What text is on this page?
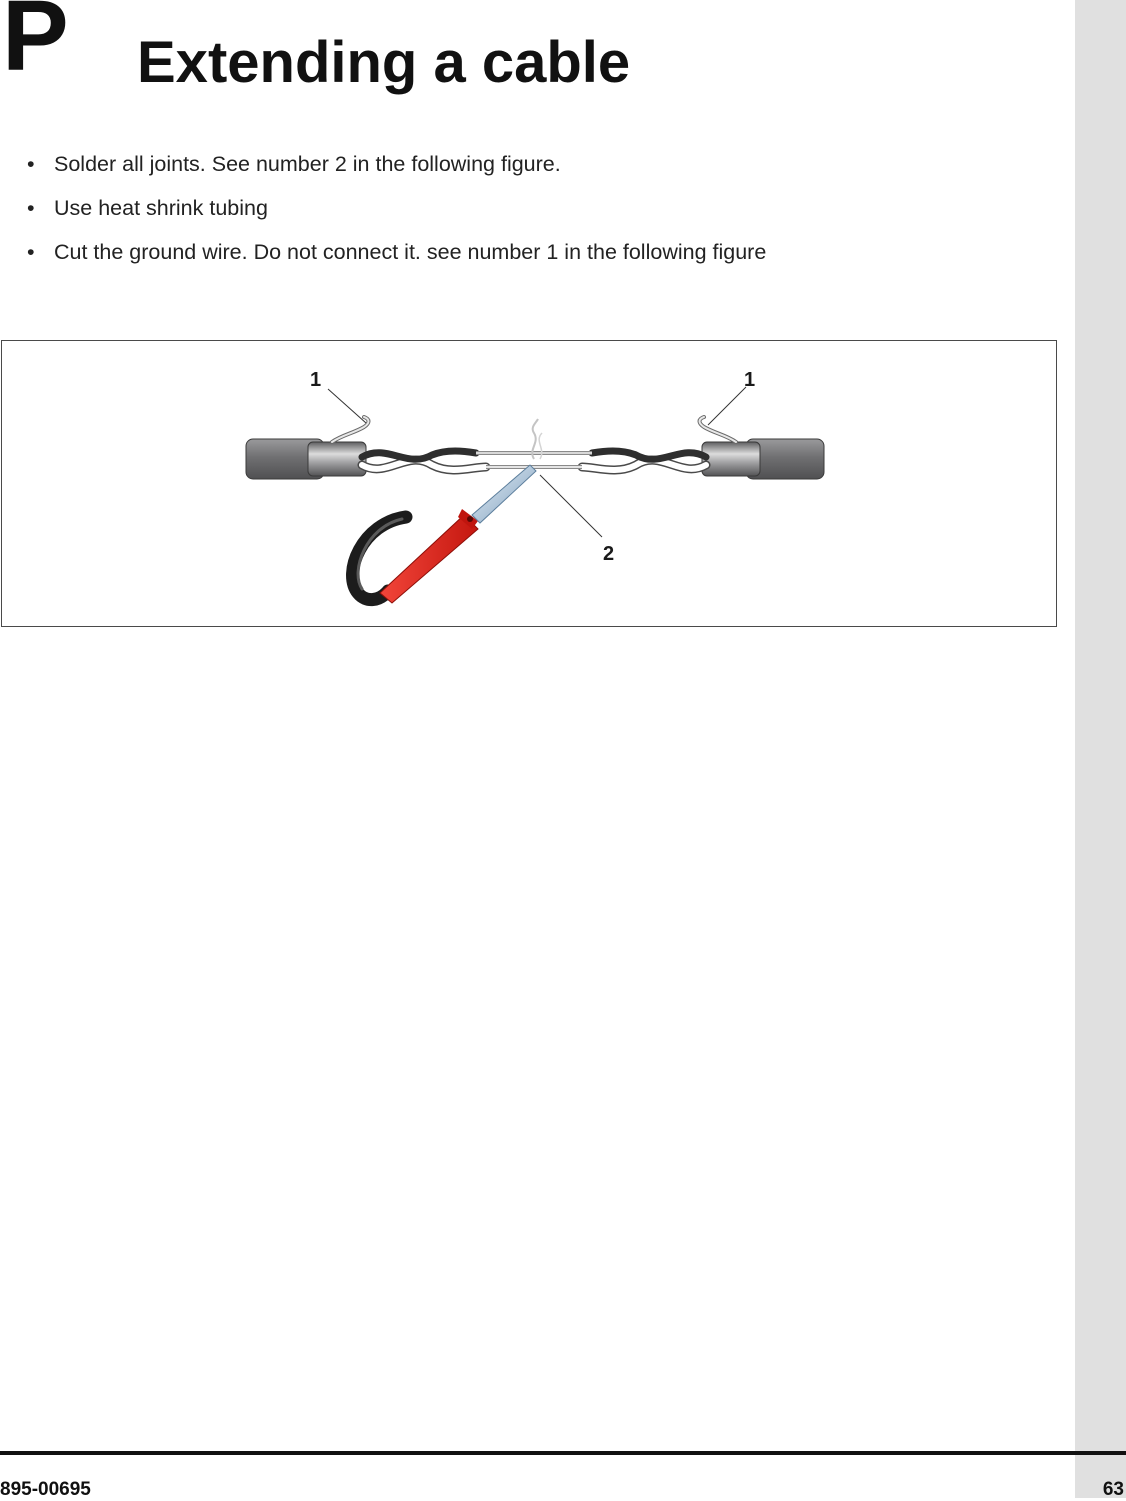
P Extending a cable
• Solder all joints. See number 2 in the following figure.
• Use heat shrink tubing
• Cut the ground wire. Do not connect it. see number 1 in the following figure
1	1
2
895-00695	63
